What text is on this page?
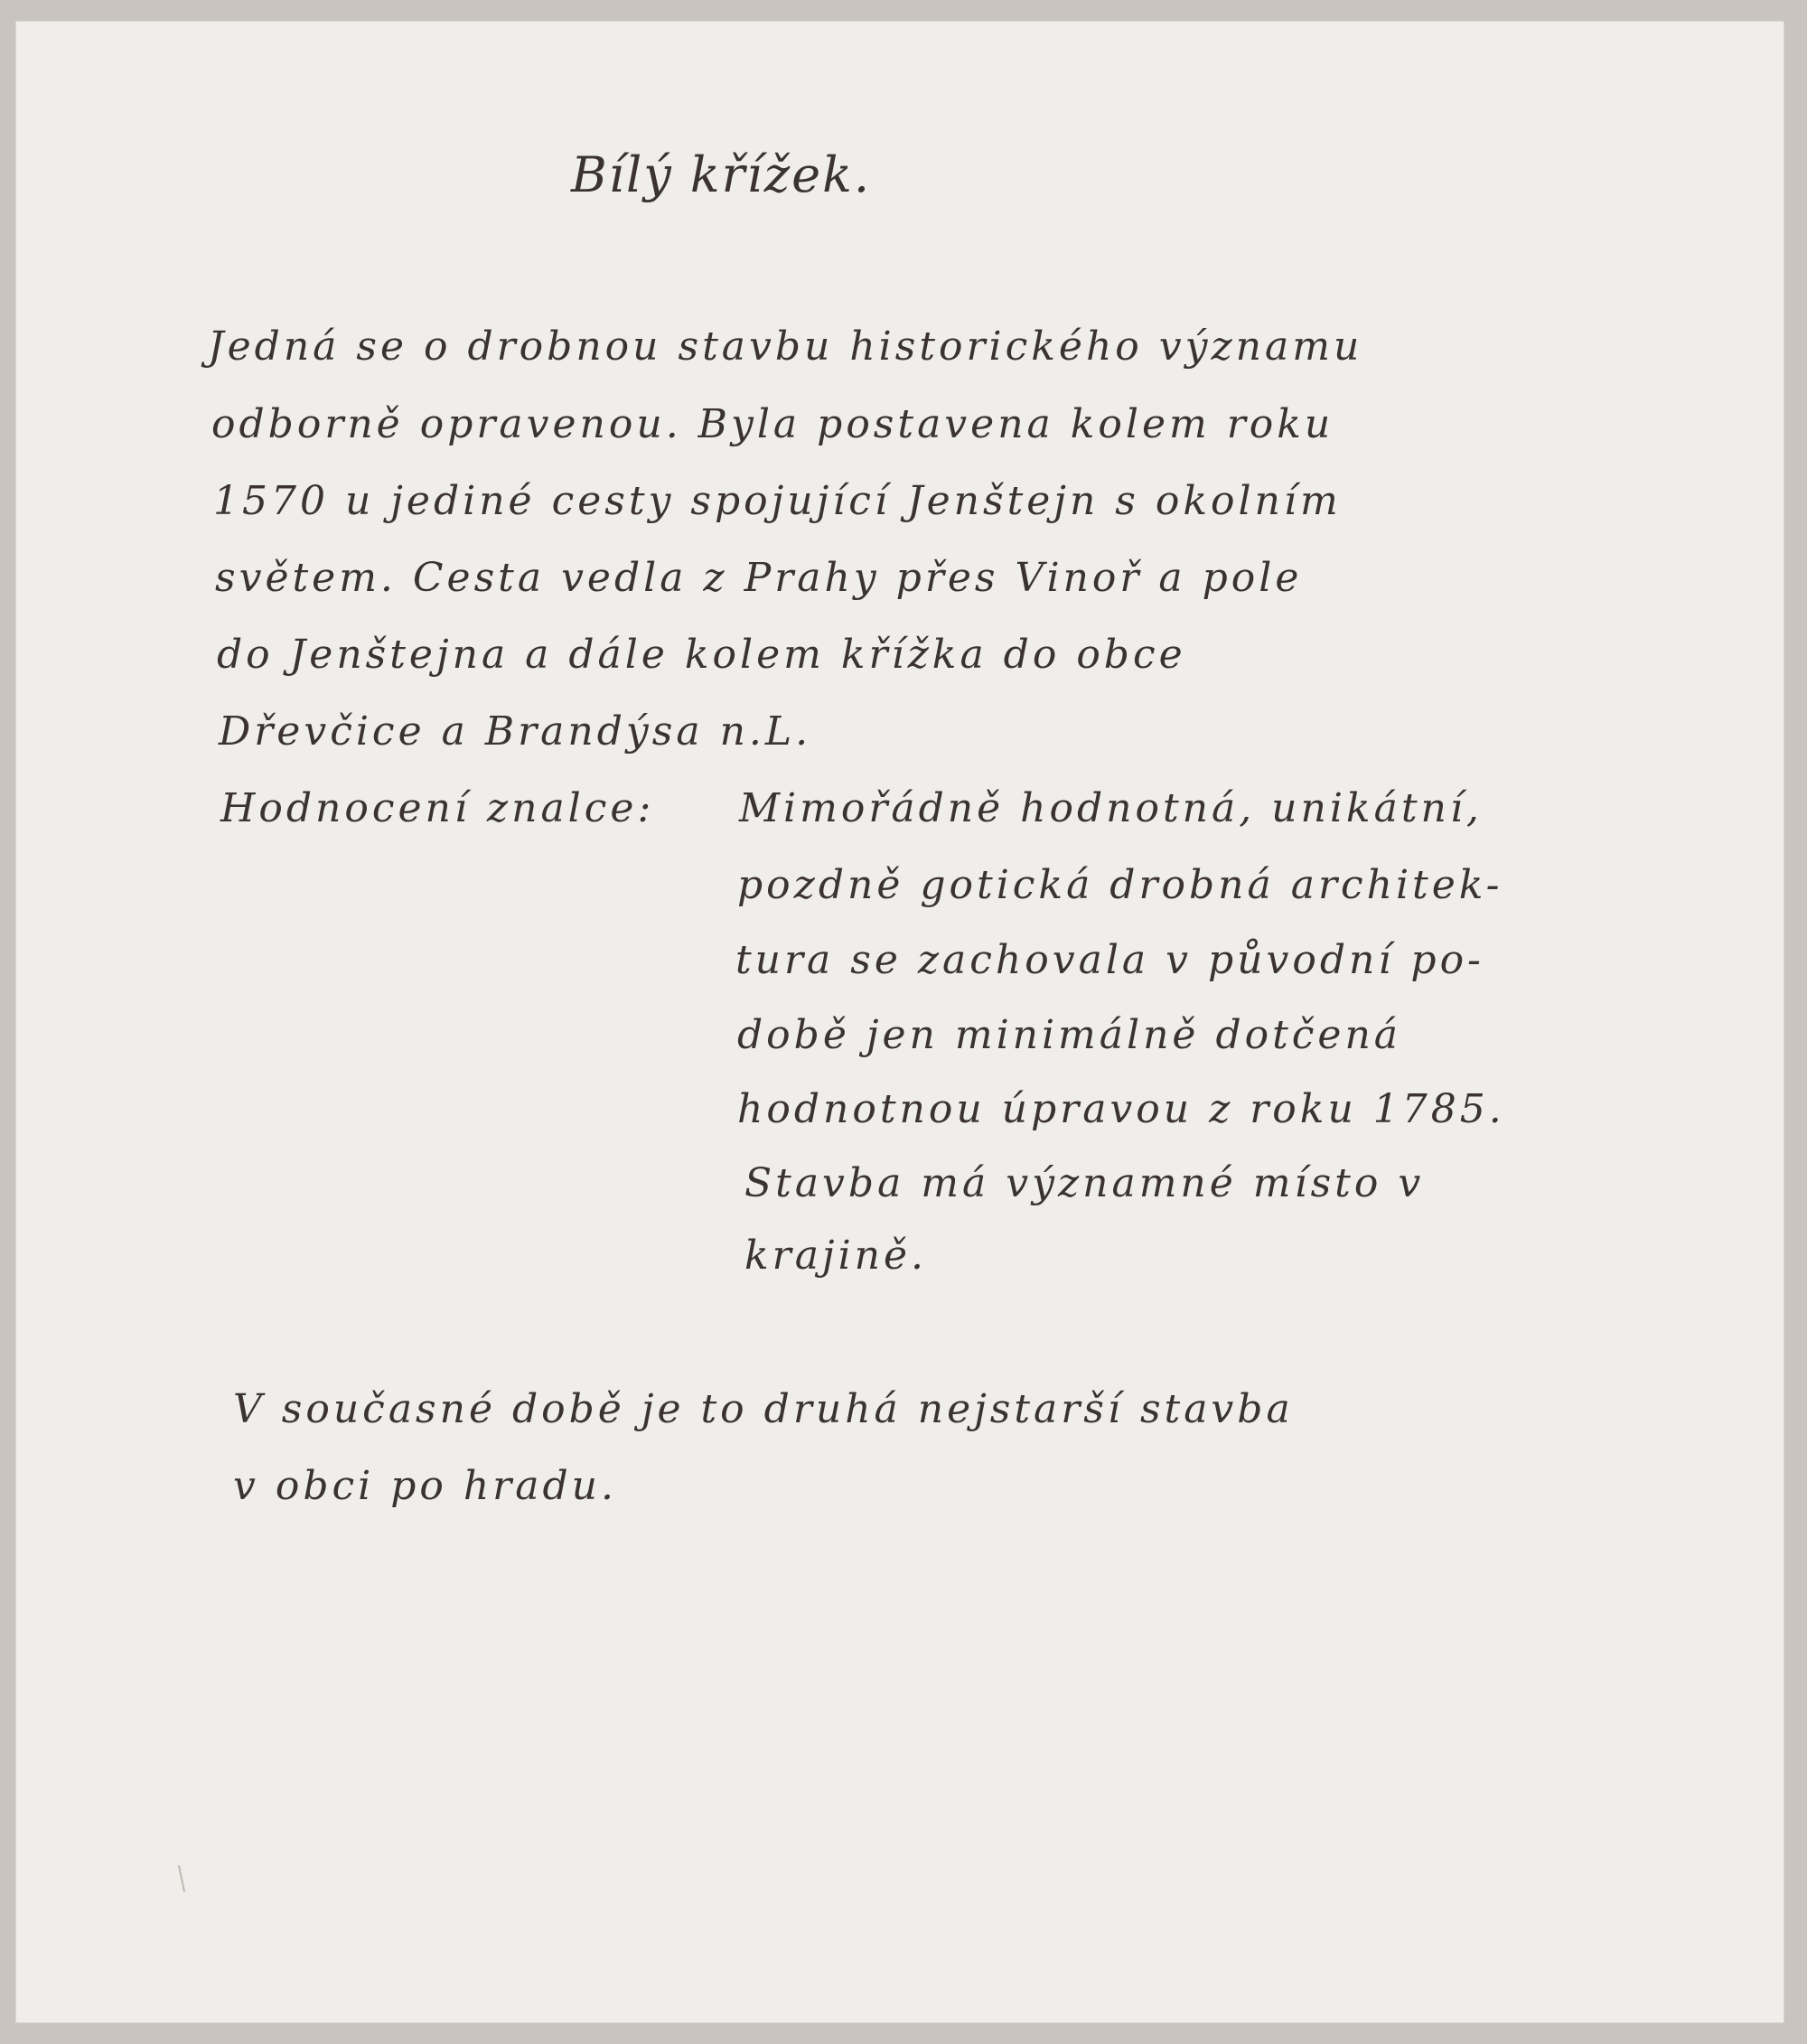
Bílý křížek.
Jedná se o drobnou stavbu historického významu
odborně opravenou. Byla postavena kolem roku
1570 u jediné cesty spojující Jenštejn s okolním
světem. Cesta vedla z Prahy přes Vinoř a pole
do Jenštejna a dále kolem křížka do obce
Dřevčice a Brandýsa n.L.
Hodnocení znalce: Mimořádně hodnotná, unikátní,
pozdně gotická drobná architek-
tura se zachovala v původní po-
době jen minimálně dotčená
hodnotnou úpravou z roku 1785.
Stavba má významné místo v
krajině.
V současné době je to druhá nejstarší stavba
v obci po hradu.
